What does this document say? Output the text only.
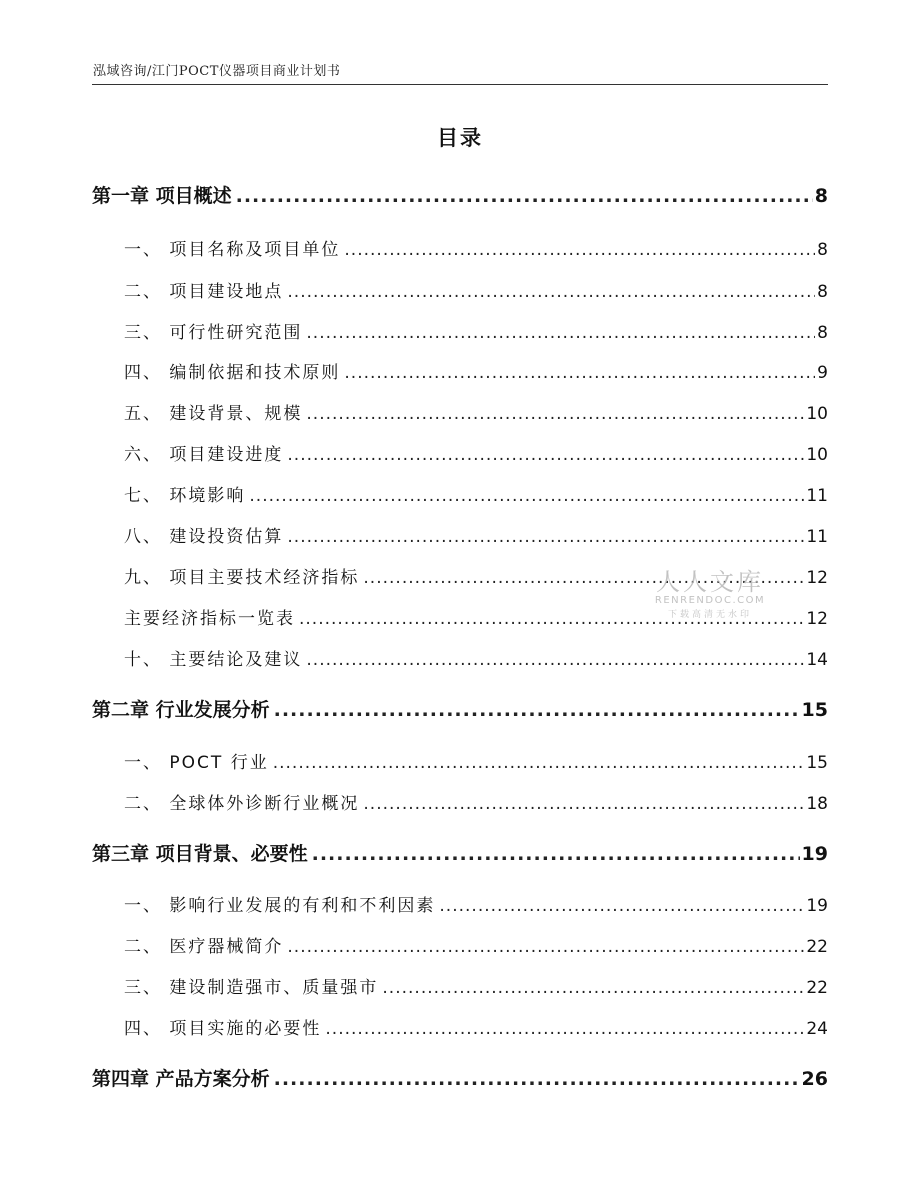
泓域咨询/江门POCT仪器项目商业计划书
目录
第一章 项目概述 .....	8
一、 项目名称及项目单位 .....	8
二、 项目建设地点 .....	8
三、 可行性研究范围 .....	8
四、 编制依据和技术原则 .....	9
五、 建设背景、规模 .....	10
六、 项目建设进度 .....	10
七、 环境影响 .....	11
八、 建设投资估算 .....	11
九、 项目主要技术经济指标 .....	12
主要经济指标一览表 .....	12
十、 主要结论及建议 .....	14
第二章 行业发展分析 .....	15
一、 POCT 行业 .....	15
二、 全球体外诊断行业概况 .....	18
第三章 项目背景、必要性 .....	19
一、 影响行业发展的有利和不利因素 .....	19
二、 医疗器械简介 .....	22
三、 建设制造强市、质量强市 .....	22
四、 项目实施的必要性 .....	24
第四章 产品方案分析 .....	26
人人文库
RENRENDOC.COM
下载高清无水印
